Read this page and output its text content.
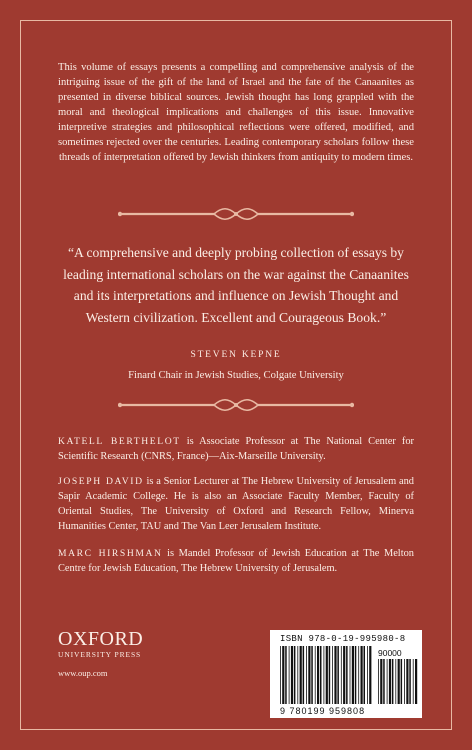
This volume of essays presents a compelling and comprehensive analysis of the intriguing issue of the gift of the land of Israel and the fate of the Canaanites as presented in diverse biblical sources. Jewish thought has long grappled with the moral and theological implications and challenges of this issue. Innovative interpretive strategies and philosophical reflections were offered, modified, and sometimes rejected over the centuries. Leading contemporary scholars follow these threads of interpretation offered by Jewish thinkers from antiquity to modern times.

“A comprehensive and deeply probing collection of essays by leading international scholars on the war against the Canaanites and its interpretations and influence on Jewish Thought and Western civilization. Excellent and Courageous Book.”

STEVEN KEPNE
Finard Chair in Jewish Studies, Colgate University

KATELL BERTHELOT is Associate Professor at The National Center for Scientific Research (CNRS, France)—Aix-Marseille University.

JOSEPH DAVID is a Senior Lecturer at The Hebrew University of Jerusalem and Sapir Academic College. He is also an Associate Faculty Member, Faculty of Oriental Studies, The University of Oxford and Research Fellow, Minerva Humanities Center, TAU and The Van Leer Jerusalem Institute.

MARC HIRSHMAN is Mandel Professor of Jewish Education at The Melton Centre for Jewish Education, The Hebrew University of Jerusalem.

OXFORD
UNIVERSITY PRESS
www.oup.com
ISBN 978-0-19-995980-8
90000
9 780199 959808
